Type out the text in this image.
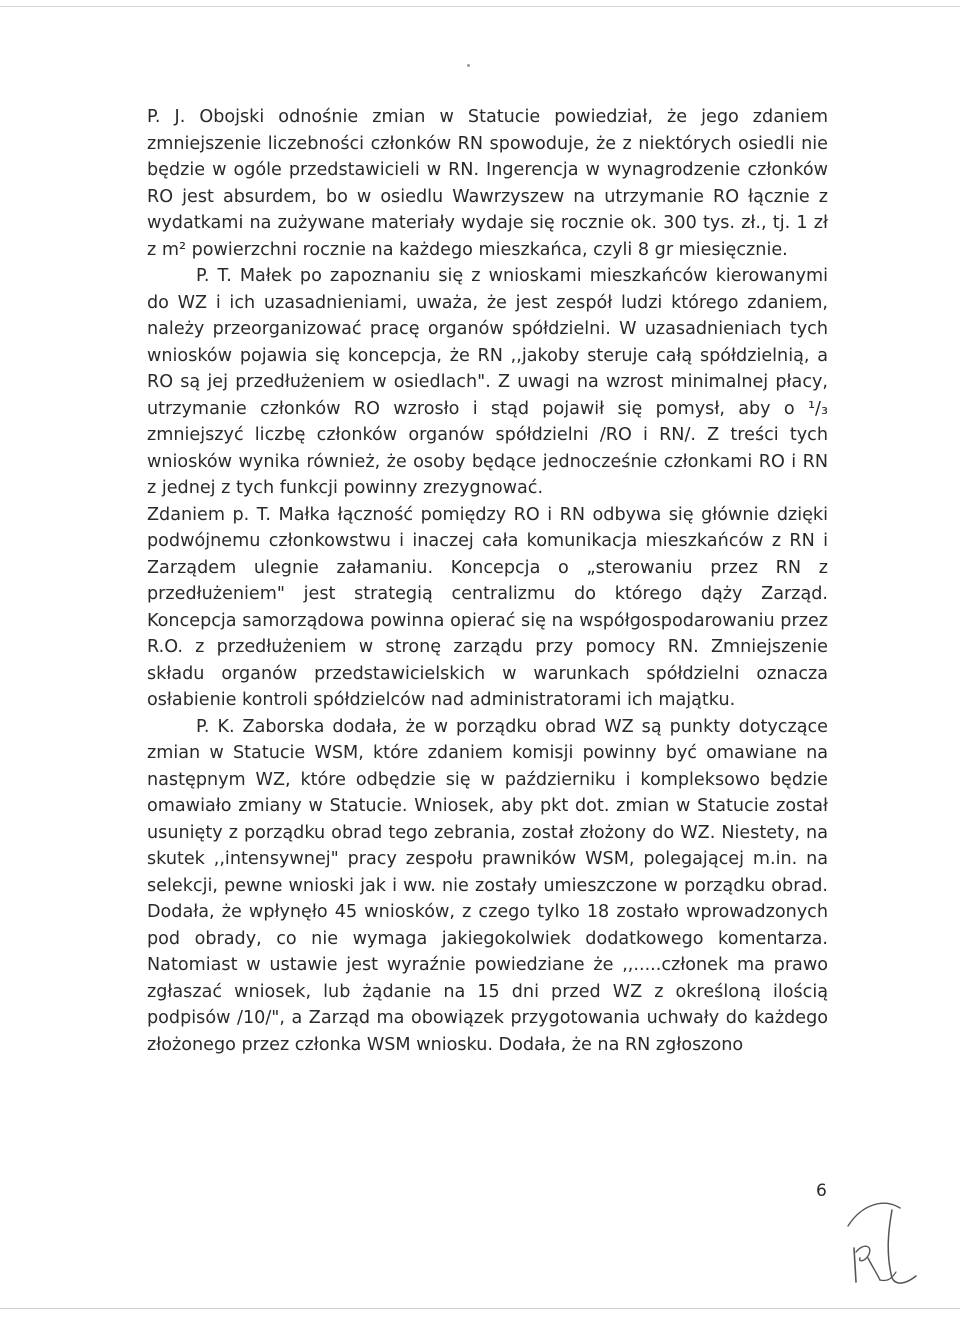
P. J. Obojski odnośnie zmian w Statucie powiedział, że jego zdaniem zmniejszenie liczebności członków RN spowoduje, że z niektórych osiedli nie będzie w ogóle przedstawicieli w RN. Ingerencja w wynagrodzenie członków RO jest absurdem, bo w osiedlu Wawrzyszew na utrzymanie RO łącznie z wydatkami na zużywane materiały wydaje się rocznie ok. 300 tys. zł., tj. 1 zł z m² powierzchni rocznie na każdego mieszkańca, czyli 8 gr miesięcznie.

P. T. Małek po zapoznaniu się z wnioskami mieszkańców kierowanymi do WZ i ich uzasadnieniami, uważa, że jest zespół ludzi którego zdaniem, należy przeorganizować pracę organów spółdzielni. W uzasadnieniach tych wniosków pojawia się koncepcja, że RN ,,jakoby steruje całą spółdzielnią, a RO są jej przedłużeniem w osiedlach". Z uwagi na wzrost minimalnej płacy, utrzymanie członków RO wzrosło i stąd pojawił się pomysł, aby o ¹/₃ zmniejszyć liczbę członków organów spółdzielni /RO i RN/. Z treści tych wniosków wynika również, że osoby będące jednocześnie członkami RO i RN z jednej z tych funkcji powinny zrezygnować.

Zdaniem p. T. Małka łączność pomiędzy RO i RN odbywa się głównie dzięki podwójnemu członkowstwu i inaczej cała komunikacja mieszkańców z RN i Zarządem ulegnie załamaniu. Koncepcja o „sterowaniu przez RN z przedłużeniem" jest strategią centralizmu do którego dąży Zarząd. Koncepcja samorządowa powinna opierać się na współgospodarowaniu przez R.O. z przedłużeniem w stronę zarządu przy pomocy RN. Zmniejszenie składu organów przedstawicielskich w warunkach spółdzielni oznacza osłabienie kontroli spółdzielców nad administratorami ich majątku.

P. K. Zaborska dodała, że w porządku obrad WZ są punkty dotyczące zmian w Statucie WSM, które zdaniem komisji powinny być omawiane na następnym WZ, które odbędzie się w październiku i kompleksowo będzie omawiało zmiany w Statucie. Wniosek, aby pkt dot. zmian w Statucie został usunięty z porządku obrad tego zebrania, został złożony do WZ. Niestety, na skutek ,,intensywnej" pracy zespołu prawników WSM, polegającej m.in. na selekcji, pewne wnioski jak i ww. nie zostały umieszczone w porządku obrad. Dodała, że wpłynęło 45 wniosków, z czego tylko 18 zostało wprowadzonych pod obrady, co nie wymaga jakiegokolwiek dodatkowego komentarza. Natomiast w ustawie jest wyraźnie powiedziane że ,,.....członek ma prawo zgłaszać wniosek, lub żądanie na 15 dni przed WZ z określoną ilością podpisów /10/", a Zarząd ma obowiązek przygotowania uchwały do każdego złożonego przez członka WSM wniosku. Dodała, że na RN zgłoszono

6
